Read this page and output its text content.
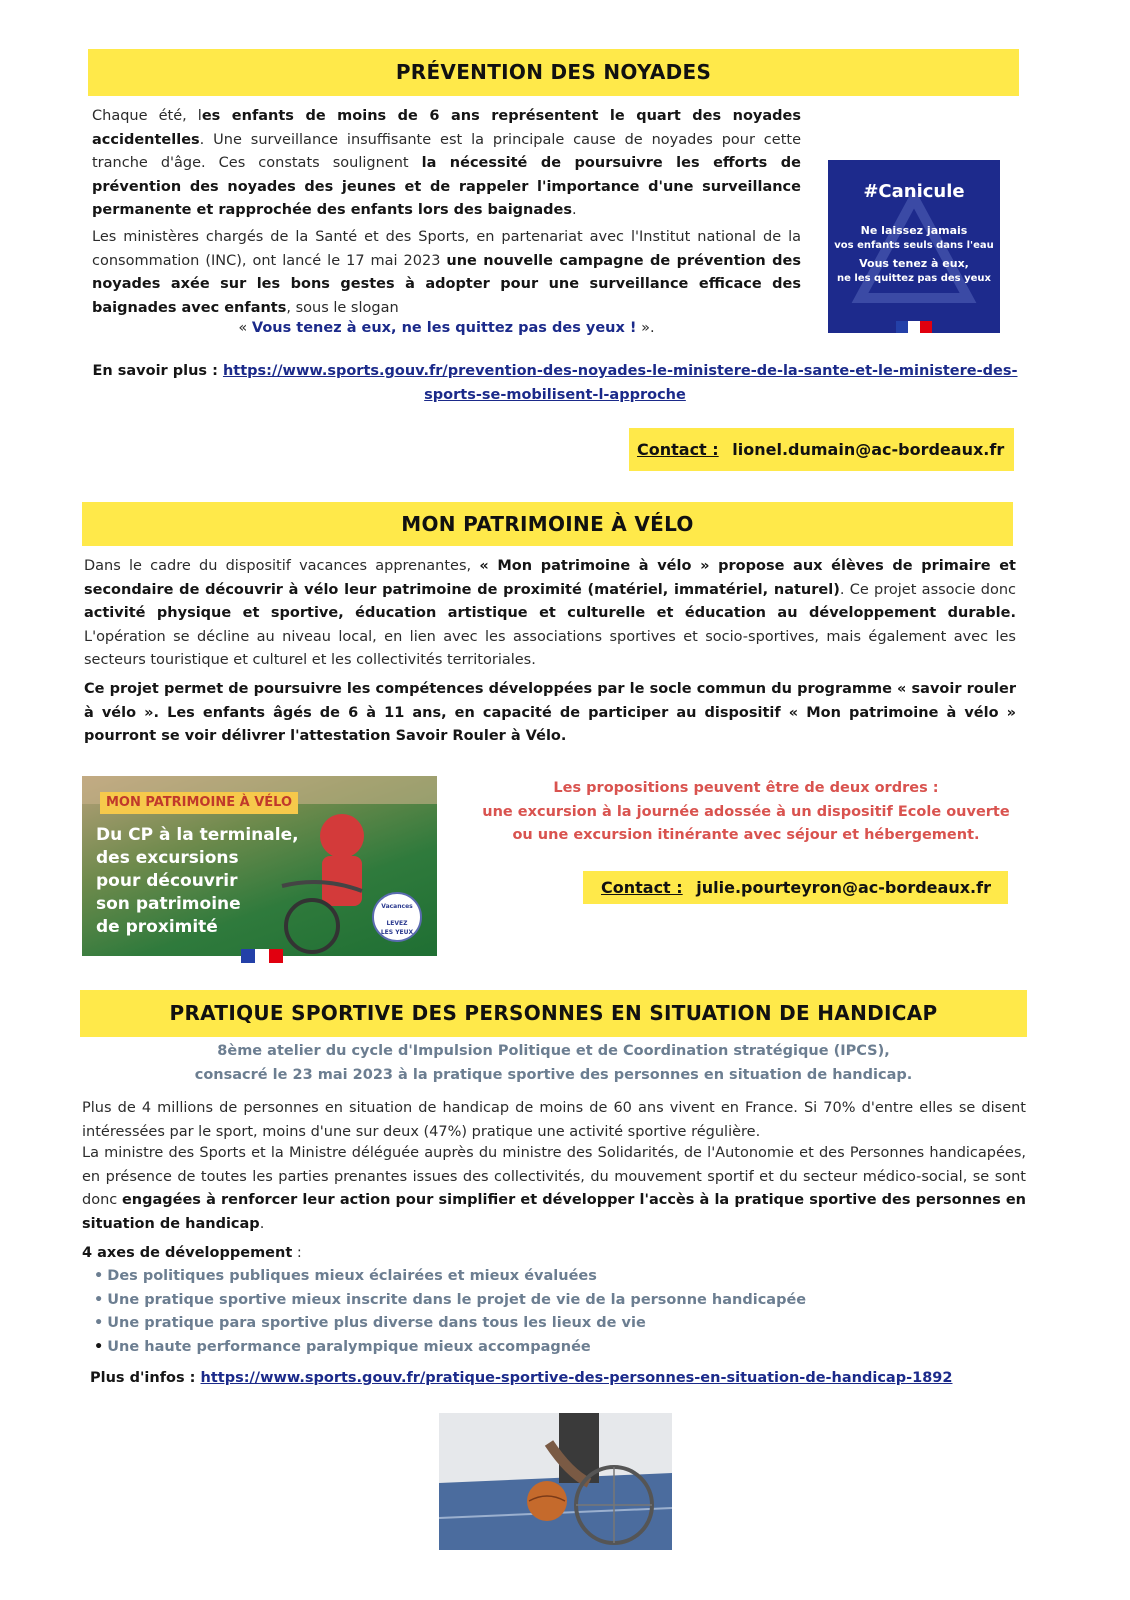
PRÉVENTION DES NOYADES
Chaque été, les enfants de moins de 6 ans représentent le quart des noyades accidentelles. Une surveillance insuffisante est la principale cause de noyades pour cette tranche d'âge. Ces constats soulignent la nécessité de poursuivre les efforts de prévention des noyades des jeunes et de rappeler l'importance d'une surveillance permanente et rapprochée des enfants lors des baignades.
Les ministères chargés de la Santé et des Sports, en partenariat avec l'Institut national de la consommation (INC), ont lancé le 17 mai 2023 une nouvelle campagne de prévention des noyades axée sur les bons gestes à adopter pour une surveillance efficace des baignades avec enfants, sous le slogan
« Vous tenez à eux, ne les quittez pas des yeux ! ».
#Canicule
Ne laissez jamais
vos enfants seuls dans l'eau
Vous tenez à eux,
ne les quittez pas des yeux
En savoir plus : https://www.sports.gouv.fr/prevention-des-noyades-le-ministere-de-la-sante-et-le-ministere-des-sports-se-mobilisent-l-approche
Contact : lionel.dumain@ac-bordeaux.fr
MON PATRIMOINE À VÉLO
Dans le cadre du dispositif vacances apprenantes, « Mon patrimoine à vélo » propose aux élèves de primaire et secondaire de découvrir à vélo leur patrimoine de proximité (matériel, immatériel, naturel). Ce projet associe donc activité physique et sportive, éducation artistique et culturelle et éducation au développement durable. L'opération se décline au niveau local, en lien avec les associations sportives et socio-sportives, mais également avec les secteurs touristique et culturel et les collectivités territoriales.
Ce projet permet de poursuivre les compétences développées par le socle commun du programme « savoir rouler à vélo ». Les enfants âgés de 6 à 11 ans, en capacité de participer au dispositif « Mon patrimoine à vélo » pourront se voir délivrer l'attestation Savoir Rouler à Vélo.
MON PATRIMOINE À VÉLO
Du CP à la terminale,
des excursions
pour découvrir
son patrimoine
de proximité
Vacances
LEVEZ
LES YEUX
Les propositions peuvent être de deux ordres :
une excursion à la journée adossée à un dispositif Ecole ouverte
ou une excursion itinérante avec séjour et hébergement.
Contact : julie.pourteyron@ac-bordeaux.fr
PRATIQUE SPORTIVE DES PERSONNES EN SITUATION DE HANDICAP
8ème atelier du cycle d'Impulsion Politique et de Coordination stratégique (IPCS),
consacré le 23 mai 2023 à la pratique sportive des personnes en situation de handicap.
Plus de 4 millions de personnes en situation de handicap de moins de 60 ans vivent en France. Si 70% d'entre elles se disent intéressées par le sport, moins d'une sur deux (47%) pratique une activité sportive régulière.
La ministre des Sports et la Ministre déléguée auprès du ministre des Solidarités, de l'Autonomie et des Personnes handicapées, en présence de toutes les parties prenantes issues des collectivités, du mouvement sportif et du secteur médico-social, se sont donc engagées à renforcer leur action pour simplifier et développer l'accès à la pratique sportive des personnes en situation de handicap.
4 axes de développement :
• Des politiques publiques mieux éclairées et mieux évaluées
• Une pratique sportive mieux inscrite dans le projet de vie de la personne handicapée
• Une pratique para sportive plus diverse dans tous les lieux de vie
• Une haute performance paralympique mieux accompagnée
Plus d'infos : https://www.sports.gouv.fr/pratique-sportive-des-personnes-en-situation-de-handicap-1892
